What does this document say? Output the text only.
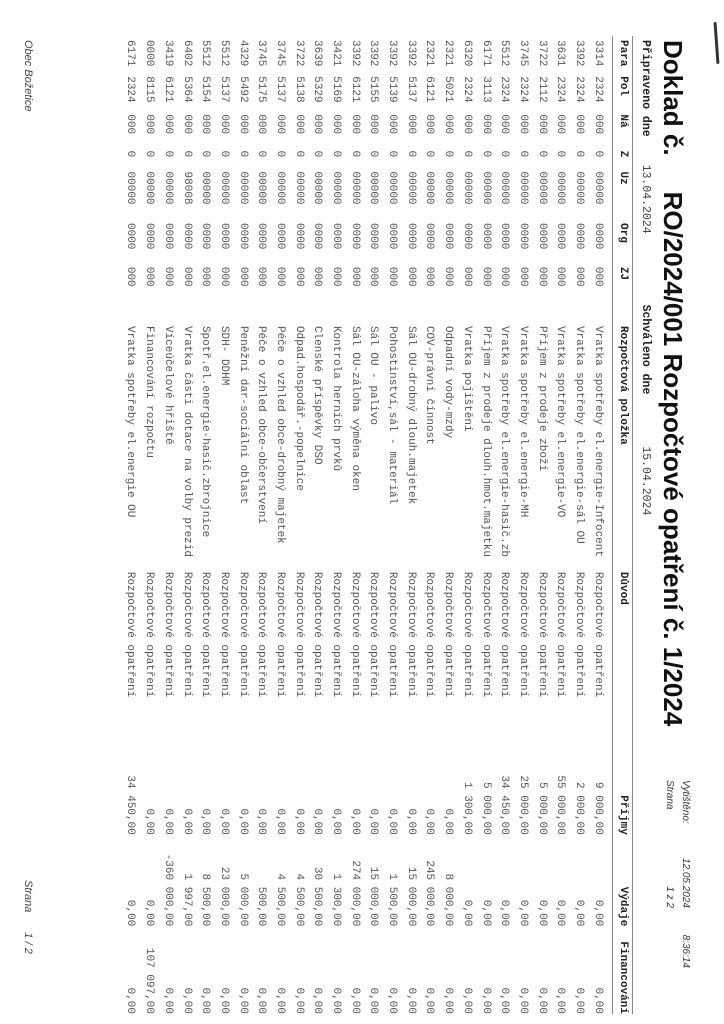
Doklad č.RO/2024/001 Rozpočtové opatření č. 1/2024
Vytištěno:
12.05.2024
8:36:14
Strana
1 z 2
Připraveno dne
13.04.2024
Schváleno dne
15.04.2024
Para
Pol
Ná
Z
Uz
Org
ZJ
Rozpočtová položka
Důvod
Příjmy
Výdaje
Financování
3314
2324
000
0
00000
0000
000
Vratka spotřeby el.energie-Infocent
Rozpočtové opatření
9 000,00
0,00
0,00
3392
2324
000
0
00000
0000
000
Vratka spotřeby el.energie-sál OÚ
Rozpočtové opatření
2 000,00
0,00
0,00
3631
2324
000
0
00000
0000
000
Vratka spotřeby el.energie-VO
Rozpočtové opatření
55 000,00
0,00
0,00
3722
2112
000
0
00000
0000
000
Příjem z prodeje zboží
Rozpočtové opatření
5 000,00
0,00
0,00
3745
2324
000
0
00000
0000
000
Vratka spotřeby el.energie-MH
Rozpočtové opatření
25 000,00
0,00
0,00
5512
2324
000
0
00000
0000
000
Vratka spotřeby el.energie-hasič.zb
Rozpočtové opatření
34 450,00
0,00
0,00
6171
3113
000
0
00000
0000
000
Příjem z prodeje dlouh.hmot.majetku
Rozpočtové opatření
5 000,00
0,00
0,00
6320
2324
000
0
00000
0000
000
Vratka pojištění
Rozpočtové opatření
1 300,00
0,00
0,00
2321
5021
000
0
00000
0000
000
Odpadní vody-mzdy
Rozpočtové opatření
0,00
8 000,00
0,00
2321
6121
000
0
00000
0000
000
ČOV-právní činnost
Rozpočtové opatření
0,00
245 000,00
0,00
3392
5137
000
0
00000
0000
000
Sál OÚ-drobný dlouh.majetek
Rozpočtové opatření
0,00
15 000,00
0,00
3392
5139
000
0
00000
0000
000
Pohostinství,sál - materiál
Rozpočtové opatření
0,00
1 500,00
0,00
3392
5155
000
0
00000
0000
000
Sál OÚ - palivo
Rozpočtové opatření
0,00
15 000,00
0,00
3392
6121
000
0
00000
0000
000
Sál OÚ-záloha výměna oken
Rozpočtové opatření
0,00
274 000,00
0,00
3421
5169
000
0
00000
0000
000
Kontrola herních prvků
Rozpočtové opatření
0,00
1 300,00
0,00
3639
5329
000
0
00000
0000
000
Členské příspěvky DSO
Rozpočtové opatření
0,00
30 500,00
0,00
3722
5138
000
0
00000
0000
000
Odpad.hospodář.-popelnice
Rozpočtové opatření
0,00
4 500,00
0,00
3745
5137
000
0
00000
0000
000
Péče o vzhled obce-drobný majetek
Rozpočtové opatření
0,00
4 500,00
0,00
3745
5175
000
0
00000
0000
000
Péče o vzhled obce-občerstvení
Rozpočtové opatření
0,00
500,00
0,00
4329
5492
000
0
00000
0000
000
Peněžní dar-sociální oblast
Rozpočtové opatření
0,00
5 000,00
0,00
5512
5137
000
0
00000
0000
000
SDH- DDHM
Rozpočtové opatření
0,00
23 000,00
0,00
5512
5154
000
0
00000
0000
000
Spotř.el.energie-hasič.zbrojnice
Rozpočtové opatření
0,00
8 500,00
0,00
6402
5364
000
0
98008
0000
000
Vratka části dotace na volby prezid
Rozpočtové opatření
0,00
1 997,00
0,00
3419
6121
000
0
00000
0000
000
Víceúčelové hřiště
Rozpočtové opatření
0,00
-360 000,00
0,00
0000
8115
000
0
00000
0000
000
Financování rozpočtu
Rozpočtové opatření
0,00
0,00
107 097,00
6171
2324
000
0
00000
0000
000
Vratka spotřeby el.energie OÚ
Rozpočtové opatření
34 450,00
0,00
0,00
Obec Božetice
Strana
1 / 2
